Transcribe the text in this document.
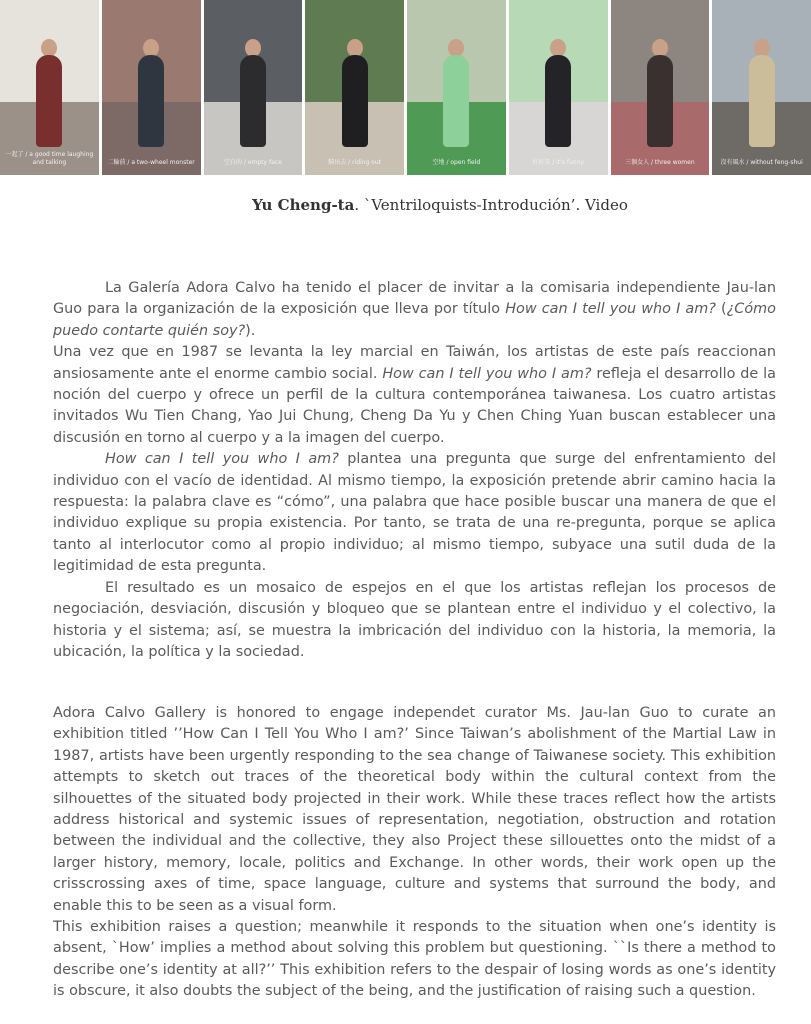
一起了 / a good time laughing and talking	二輪前 / a two-wheel monster	空白的 / empty face	騎出去 / riding out	空地 / open field	好好笑 / it's funny	三個女人 / three women	沒有風水 / without feng-shui
Yu Cheng-ta. `Ventriloquists-Introdución’. Video

La Galería Adora Calvo ha tenido el placer de invitar a la comisaria independiente Jau-lan Guo para la organización de la exposición que lleva por título How can I tell you who I am? (¿Cómo puedo contarte quién soy?).

Una vez que en 1987 se levanta la ley marcial en Taiwán, los artistas de este país reaccionan ansiosamente ante el enorme cambio social. How can I tell you who I am? refleja el desarrollo de la noción del cuerpo y ofrece un perfil de la cultura contemporánea taiwanesa. Los cuatro artistas invitados Wu Tien Chang, Yao Jui Chung, Cheng Da Yu y Chen Ching Yuan buscan establecer una discusión en torno al cuerpo y a la imagen del cuerpo.

How can I tell you who I am? plantea una pregunta que surge del enfrentamiento del individuo con el vacío de identidad. Al mismo tiempo, la exposición pretende abrir camino hacia la respuesta: la palabra clave es “cómo”, una palabra que hace posible buscar una manera de que el individuo explique su propia existencia. Por tanto, se trata de una re-pregunta, porque se aplica tanto al interlocutor como al propio individuo; al mismo tiempo, subyace una sutil duda de la legitimidad de esta pregunta.

El resultado es un mosaico de espejos en el que los artistas reflejan los procesos de negociación, desviación, discusión y bloqueo que se plantean entre el individuo y el colectivo, la historia y el sistema; así, se muestra la imbricación del individuo con la historia, la memoria, la ubicación, la política y la sociedad.

Adora Calvo Gallery is honored to engage independet curator Ms. Jau-lan Guo to curate an exhibition titled ’’How Can I Tell You Who I am?’ Since Taiwan’s abolishment of the Martial Law in 1987, artists have been urgently responding to the sea change of Taiwanese society. This exhibition attempts to sketch out traces of the theoretical body within the cultural context from the silhouettes of the situated body projected in their work. While these traces reflect how the artists address historical and systemic issues of representation, negotiation, obstruction and rotation between the individual and the collective, they also Project these sillouettes onto the midst of a larger history, memory, locale, politics and Exchange. In other words, their work open up the crisscrossing axes of time, space language, culture and systems that surround the body, and enable this to be seen as a visual form.

This exhibition raises a question; meanwhile it responds to the situation when one’s identity is absent, `How’ implies a method about solving this problem but questioning. ``Is there a method to describe one’s identity at all?’’ This exhibition refers to the despair of losing words as one’s identity is obscure, it also doubts the subject of the being, and the justification of raising such a question.
